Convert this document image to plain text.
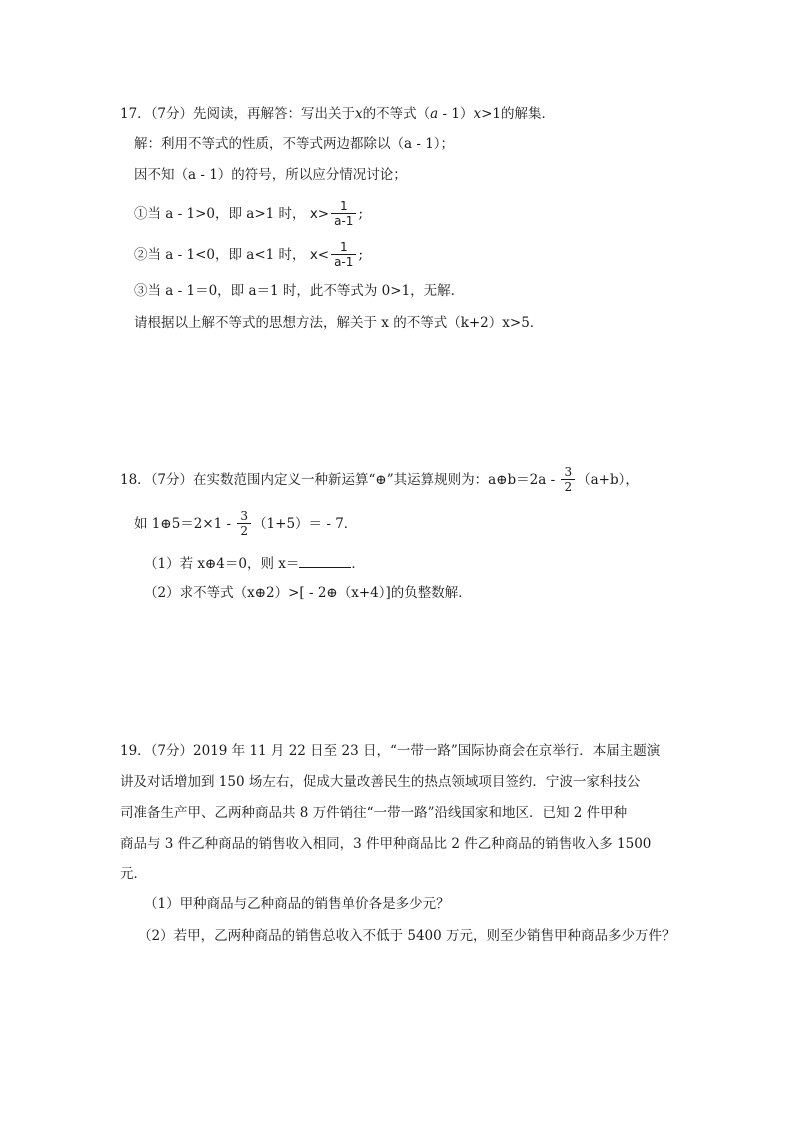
17．（7分）先阅读，再解答：写出关于x的不等式（a - 1）x>1的解集．
解：利用不等式的性质，不等式两边都除以（a - 1）；
因不知（a - 1）的符号，所以应分情况讨论；
①当 a - 1>0，即 a>1 时， $x> \frac{1}{a-1}$ ;
②当 a - 1<0，即 a<1 时， $x< \frac{1}{a-1}$ ;
③当 a - 1＝0，即 a＝1 时，此不等式为 0>1，无解．
请根据以上解不等式的思想方法，解关于 x 的不等式（k+2）x>5．
18．（7分）在实数范围内定义一种新运算“⊕”其运算规则为：a⊕b＝2a - $\frac{3}{2} (a+b)$，
如 1⊕5＝2×1 - $\frac{3}{2} (1+5)= - 7$．
（1）若 x⊕4＝0，则 x＝	．
（2）求不等式（x⊕2）>[ - 2⊕（x+4）]的负整数解．
19．（7分）2019 年 11 月 22 日至 23 日，“一带一路”国际协商会在京举行．本届主题演
讲及对话增加到 150 场左右，促成大量改善民生的热点领域项目签约．宁波一家科技公
司准备生产甲、乙两种商品共 8 万件销往“一带一路”沿线国家和地区．已知 2 件甲种
商品与 3 件乙种商品的销售收入相同，3 件甲种商品比 2 件乙种商品的销售收入多 1500
元．
（1）甲种商品与乙种商品的销售单价各是多少元？
（2）若甲，乙两种商品的销售总收入不低于 5400 万元，则至少销售甲种商品多少万件？
